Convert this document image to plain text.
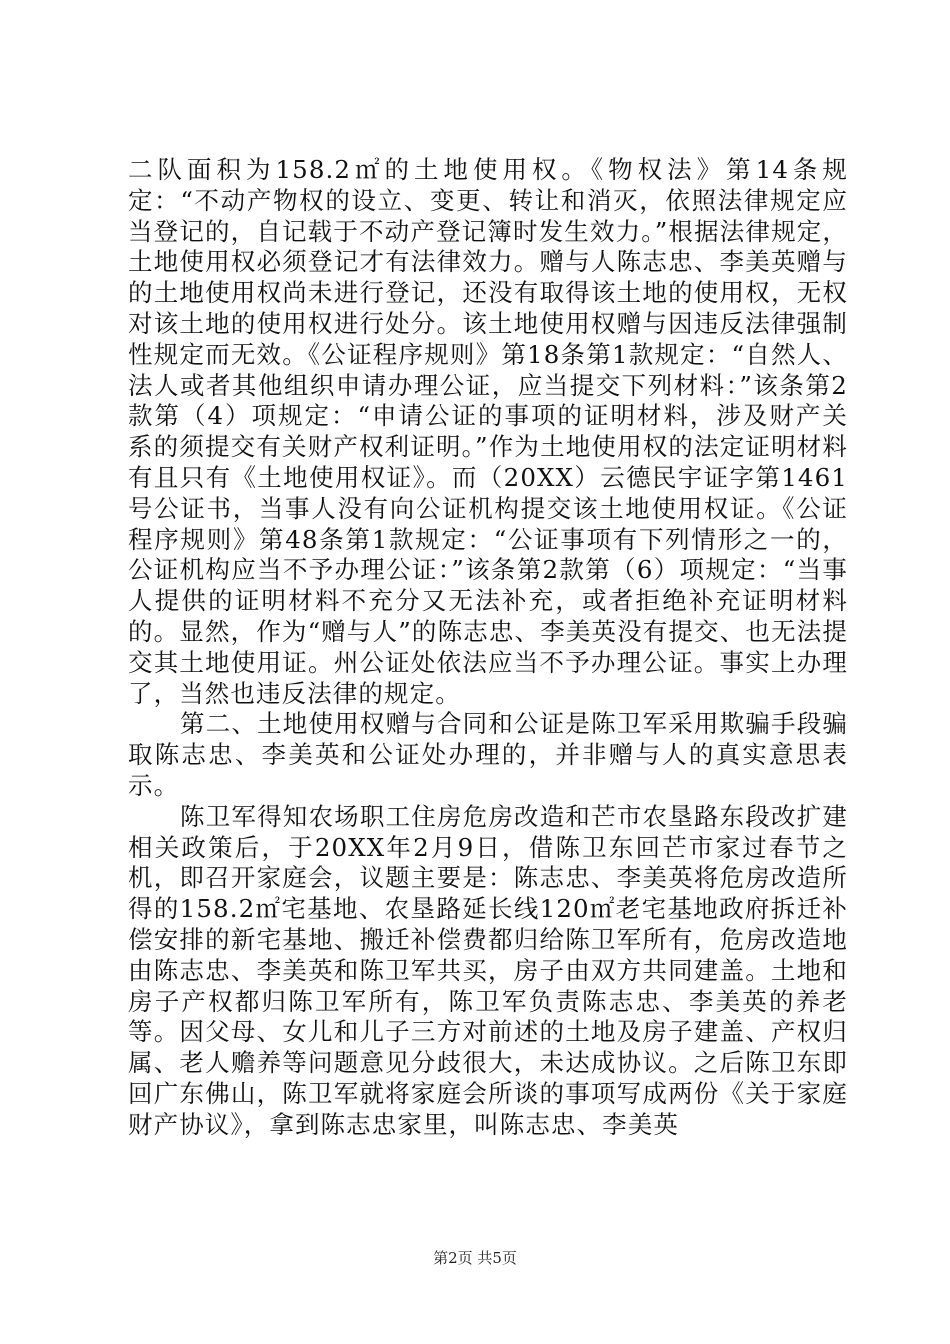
二队面积为158.2㎡的土地使用权。《物权法》第14条规定：“不动产物权的设立、变更、转让和消灭，依照法律规定应当登记的，自记载于不动产登记簿时发生效力。”根据法律规定，土地使用权必须登记才有法律效力。赠与人陈志忠、李美英赠与的土地使用权尚未进行登记，还没有取得该土地的使用权，无权对该土地的使用权进行处分。该土地使用权赠与因违反法律强制性规定而无效。《公证程序规则》第18条第1款规定：“自然人、法人或者其他组织申请办理公证，应当提交下列材料：”该条第2款第（4）项规定：“申请公证的事项的证明材料，涉及财产关系的须提交有关财产权利证明。”作为土地使用权的法定证明材料有且只有《土地使用权证》。而（20XX）云德民宇证字第1461号公证书，当事人没有向公证机构提交该土地使用权证。《公证程序规则》第48条第1款规定：“公证事项有下列情形之一的，公证机构应当不予办理公证：”该条第2款第（6）项规定：“当事人提供的证明材料不充分又无法补充，或者拒绝补充证明材料的。显然，作为“赠与人”的陈志忠、李美英没有提交、也无法提交其土地使用证。州公证处依法应当不予办理公证。事实上办理了，当然也违反法律的规定。

第二、土地使用权赠与合同和公证是陈卫军采用欺骗手段骗取陈志忠、李美英和公证处办理的，并非赠与人的真实意思表示。

陈卫军得知农场职工住房危房改造和芒市农垦路东段改扩建相关政策后，于20XX年2月9日，借陈卫东回芒市家过春节之机，即召开家庭会，议题主要是：陈志忠、李美英将危房改造所得的158.2㎡宅基地、农垦路延长线120㎡老宅基地政府拆迁补偿安排的新宅基地、搬迁补偿费都归给陈卫军所有，危房改造地由陈志忠、李美英和陈卫军共买，房子由双方共同建盖。土地和房子产权都归陈卫军所有，陈卫军负责陈志忠、李美英的养老等。因父母、女儿和儿子三方对前述的土地及房子建盖、产权归属、老人赡养等问题意见分歧很大，未达成协议。之后陈卫东即回广东佛山，陈卫军就将家庭会所谈的事项写成两份《关于家庭财产协议》，拿到陈志忠家里，叫陈志忠、李美英

第2页 共5页
